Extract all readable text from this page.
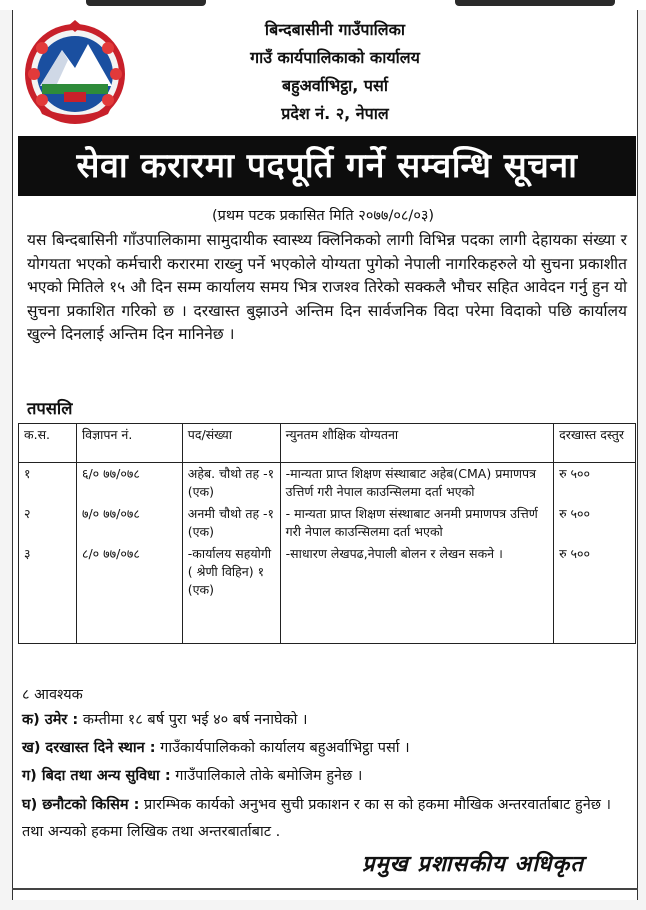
बिन्दबासीनी गाउँपालिका
गाउँ कार्यपालिकाको कार्यालय
बहुअर्वाभिट्ठा, पर्सा
प्रदेश नं. २, नेपाल
सेवा करारमा पदपूर्ति गर्ने सम्वन्धि सूचना
(प्रथम पटक प्रकासित मिति २०७७/०८/०३)
यस बिन्दबासिनी गाँउपालिकामा सामुदायीक स्वास्थ्य क्लिनिकको लागी विभिन्न पदका लागी देहायका संख्या र योगयता भएको कर्मचारी करारमा राख्नु पर्ने भएकोले योग्यता पुगेको नेपाली नागरिकहरुले यो सुचना प्रकाशीत भएको मितिले १५ औ दिन सम्म कार्यालय समय भित्र राजश्व तिरेको सक्कलै भौचर सहित आवेदन गर्नु हुन यो सुचना प्रकाशित गरिको छ । दरखास्त बुझाउने अन्तिम दिन सार्वजनिक विदा परेमा विदाको पछि कार्यालय खुल्ने दिनलाई अन्तिम दिन मानिनेछ ।
तपसलि
क.स.	विज्ञापन नं.	पद/संख्या	न्युनतम शौक्षिक योग्यतना	दरखास्त दस्तुर
१	६/० ७७/०७८	अहेब. चौथो तह -१ (एक)	-मान्यता प्राप्त शिक्षण संस्थाबाट अहेब(CMA) प्रमाणपत्र उत्तिर्ण गरी नेपाल काउन्सिलमा दर्ता भएको	रु ५००
२	७/० ७७/०७८	अनमी चौथो तह -१ (एक)	- मान्यता प्राप्त शिक्षण संस्थाबाट अनमी प्रमाणपत्र उत्तिर्ण गरी नेपाल काउन्सिलमा दर्ता भएको	रु ५००
३	८/० ७७/०७८	-कार्यालय सहयोगी ( श्रेणी विहिन) १ (एक)	-साधारण लेखपढ,नेपाली बोलन र लेखन सकने ।	रु ५००
८ आवश्यक
क) उमेर : कम्तीमा १८ बर्ष पुरा भई ४० बर्ष ननाघेको ।
ख) दरखास्त दिने स्थान : गाउँकार्यपालिकको कार्यालय बहुअर्वाभिट्ठा पर्सा ।
ग) बिदा तथा अन्य सुविधा : गाउँपालिकाले तोके बमोजिम हुनेछ ।
घ) छनौटको किसिम : प्रारम्भिक कार्यको अनुभव सुची प्रकाशन र का स को हकमा मौखिक अन्तरवार्ताबाट हुनेछ । तथा अन्यको हकमा लिखिक तथा अन्तरबार्ताबाट .
प्रमुख प्रशासकीय अधिकृत
